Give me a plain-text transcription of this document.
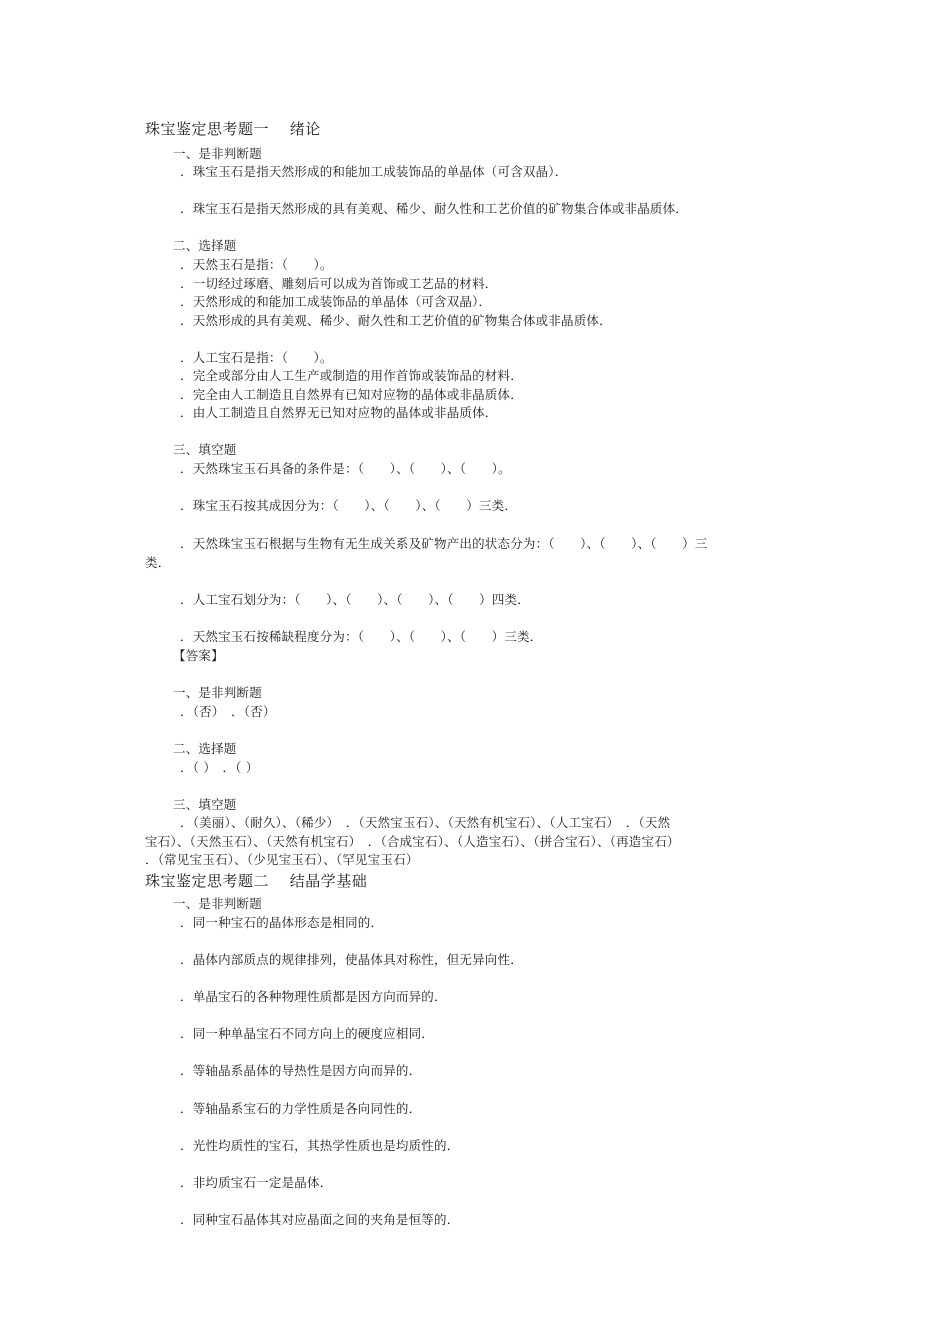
珠宝鉴定思考题一　 绪论
一、是非判断题
．珠宝玉石是指天然形成的和能加工成装饰品的单晶体（可含双晶）．
．珠宝玉石是指天然形成的具有美观、稀少、耐久性和工艺价值的矿物集合体或非晶质体．
二、选择题
．天然玉石是指：（　　）。
．一切经过琢磨、雕刻后可以成为首饰或工艺品的材料．
．天然形成的和能加工成装饰品的单晶体（可含双晶）．
．天然形成的具有美观、稀少、耐久性和工艺价值的矿物集合体或非晶质体．
．人工宝石是指：（　　）。
．完全或部分由人工生产或制造的用作首饰或装饰品的材料．
．完全由人工制造且自然界有已知对应物的晶体或非晶质体．
．由人工制造且自然界无已知对应物的晶体或非晶质体．
三、填空题
．天然珠宝玉石具备的条件是：（　　）、（　　）、（　　）。
．珠宝玉石按其成因分为：（　　）、（　　）、（　　）三类．
．天然珠宝玉石根据与生物有无生成关系及矿物产出的状态分为：（　　）、（　　）、（　　）三
类．
．人工宝石划分为：（　　）、（　　）、（　　）、（　　）四类．
．天然宝玉石按稀缺程度分为：（　　）、（　　）、（　　）三类．
【答案】
一、是非判断题
．（否）　．（否）
二、选择题
．（ ）　．（ ）
三、填空题
．（美丽）、（耐久）、（稀少）　．（天然宝玉石）、（天然有机宝石）、（人工宝石）　．（天然
宝石）、（天然玉石）、（天然有机宝石）　．（合成宝石）、（人造宝石）、（拼合宝石）、（再造宝石）
．（常见宝玉石）、（少见宝玉石）、（罕见宝玉石）
珠宝鉴定思考题二　 结晶学基础
一、是非判断题
．同一种宝石的晶体形态是相同的．
．晶体内部质点的规律排列，使晶体具对称性，但无异向性．
．单晶宝石的各种物理性质都是因方向而异的．
．同一种单晶宝石不同方向上的硬度应相同．
．等轴晶系晶体的导热性是因方向而异的．
．等轴晶系宝石的力学性质是各向同性的．
．光性均质性的宝石，其热学性质也是均质性的．
．非均质宝石一定是晶体．
．同种宝石晶体其对应晶面之间的夹角是恒等的．
